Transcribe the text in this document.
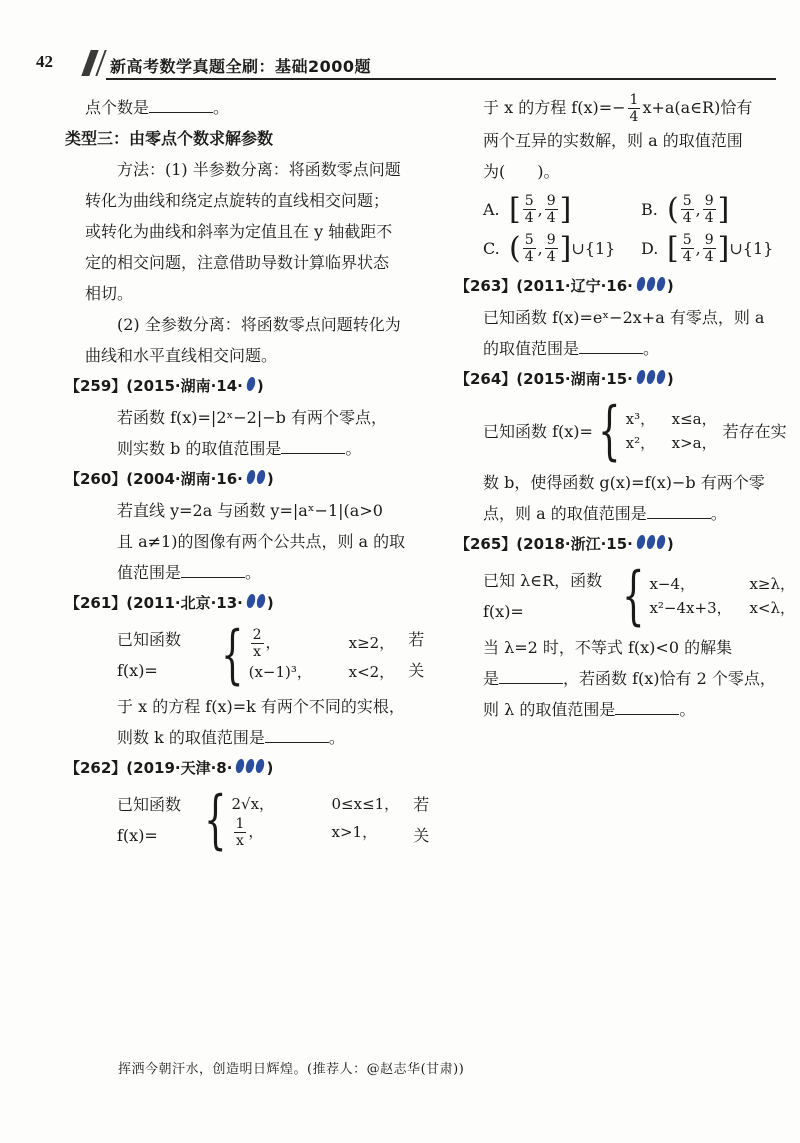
42	新高考数学真题全刷：基础2000题

点个数是	。

类型三：由零点个数求解参数

方法：(1) 半参数分离：将函数零点问题

转化为曲线和绕定点旋转的直线相交问题；

或转化为曲线和斜率为定值且在 y 轴截距不

定的相交问题，注意借助导数计算临界状态

相切。

(2) 全参数分离：将函数零点问题转化为

曲线和水平直线相交问题。

【259】(2015·湖南·14· )

若函数 f(x)=|2ˣ−2|−b 有两个零点，

则实数 b 的取值范围是	。

【260】(2004·湖南·16· )

若直线 y=2a 与函数 y=|aˣ−1|(a>0

且 a≠1)的图像有两个公共点，则 a 的取

值范围是	。

【261】(2011·北京·13· )

已知函数 f(x)= { $\frac{2}{x}$ ，	x≥2，
(x−1)³，	x<2，
若关

于 x 的方程 f(x)=k 有两个不同的实根，

则数 k 的取值范围是	。

【262】(2019·天津·8· )

已知函数 f(x)= { 2√x，	0≤x≤1，
$\frac{1}{x}$ ，	x>1，
若关

于 x 的方程 $f(x)=- \frac{1}{4}$ x+a(a∈R)恰有

两个互异的实数解，则 a 的取值范围

为(　　)。

A. [ $\frac{5}{4}$ , $\frac{9}{4}$ ]	B. ( $\frac{5}{4}$ , $\frac{9}{4}$ ]
C. ( $\frac{5}{4}$ , $\frac{9}{4}$ ] ∪{1} D. [ $\frac{5}{4}$ , $\frac{9}{4}$ ] ∪{1}

【263】(2011·辽宁·16· )

已知函数 f(x)=eˣ−2x+a 有零点，则 a

的取值范围是	。

【264】(2015·湖南·15· )

已知函数 f(x)= { x³，	x≤a，
x²，	x>a，
若存在实

数 b，使得函数 g(x)=f(x)−b 有两个零

点，则 a 的取值范围是	。

【265】(2018·浙江·15· )

已知 λ∈R，函数 f(x)=	{ x−4，	x≥λ，
x²−4x+3，	x<λ，

当 λ=2 时，不等式 f(x)<0 的解集

是	，若函数 f(x)恰有 2 个零点，

则 λ 的取值范围是	。

挥洒今朝汗水，创造明日辉煌。(推荐人：@赵志华(甘肃))
